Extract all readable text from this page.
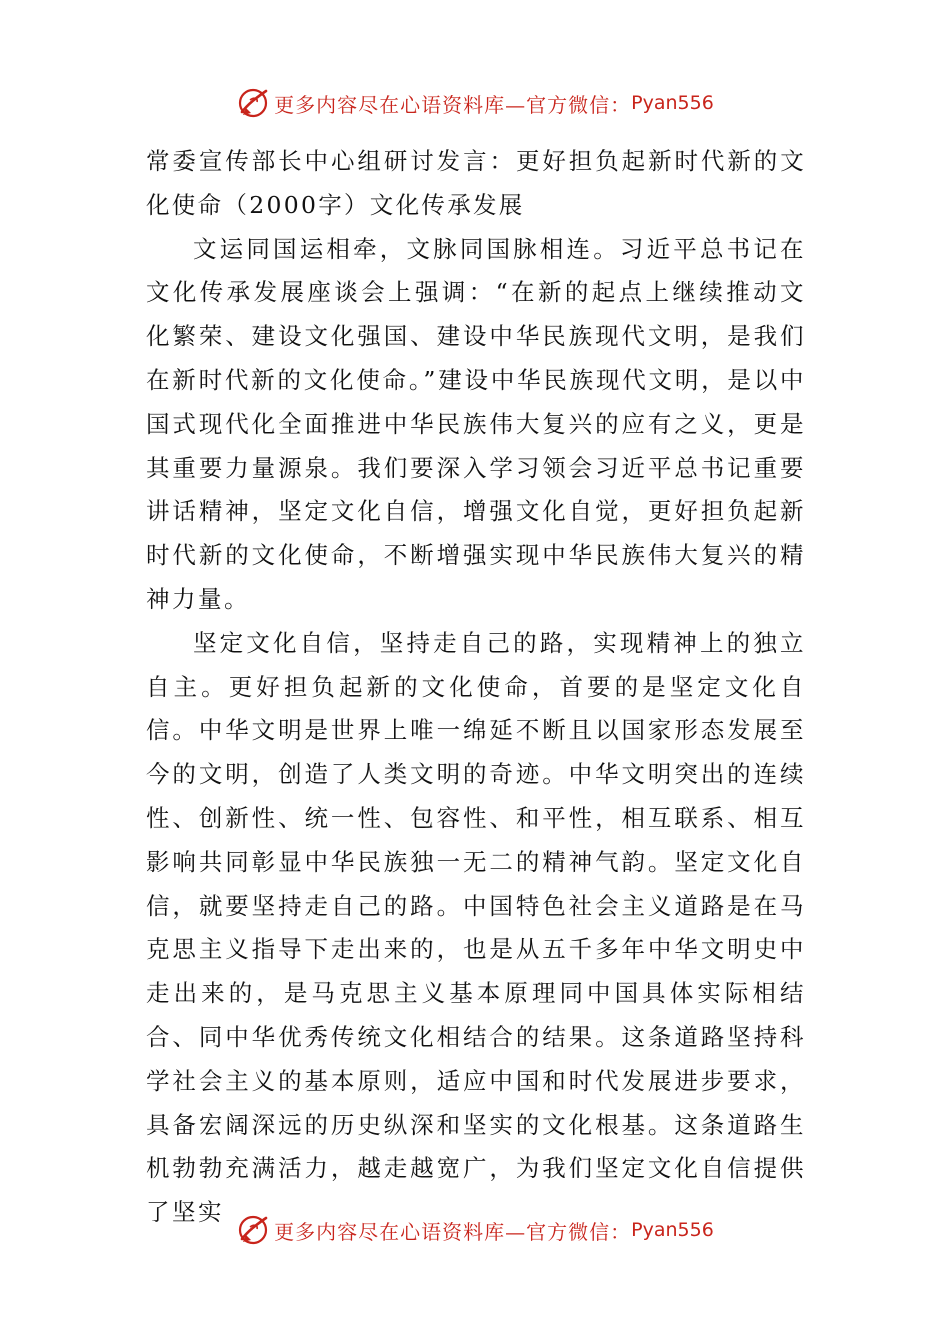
更多内容尽在心语资料库—官方微信： Pyan556

常委宣传部长中心组研讨发言：更好担负起新时代新的文化使命（2000字）文化传承发展

文运同国运相牵，文脉同国脉相连。习近平总书记在文化传承发展座谈会上强调：“在新的起点上继续推动文化繁荣、建设文化强国、建设中华民族现代文明，是我们在新时代新的文化使命。”建设中华民族现代文明，是以中国式现代化全面推进中华民族伟大复兴的应有之义，更是其重要力量源泉。我们要深入学习领会习近平总书记重要讲话精神，坚定文化自信，增强文化自觉，更好担负起新时代新的文化使命，不断增强实现中华民族伟大复兴的精神力量。

坚定文化自信，坚持走自己的路，实现精神上的独立自主。更好担负起新的文化使命，首要的是坚定文化自信。中华文明是世界上唯一绵延不断且以国家形态发展至今的文明，创造了人类文明的奇迹。中华文明突出的连续性、创新性、统一性、包容性、和平性，相互联系、相互影响共同彰显中华民族独一无二的精神气韵。坚定文化自信，就要坚持走自己的路。中国特色社会主义道路是在马克思主义指导下走出来的，也是从五千多年中华文明史中走出来的，是马克思主义基本原理同中国具体实际相结合、同中华优秀传统文化相结合的结果。这条道路坚持科学社会主义的基本原则，适应中国和时代发展进步要求，具备宏阔深远的历史纵深和坚实的文化根基。这条道路生机勃勃充满活力，越走越宽广，为我们坚定文化自信提供了坚实

更多内容尽在心语资料库—官方微信： Pyan556
